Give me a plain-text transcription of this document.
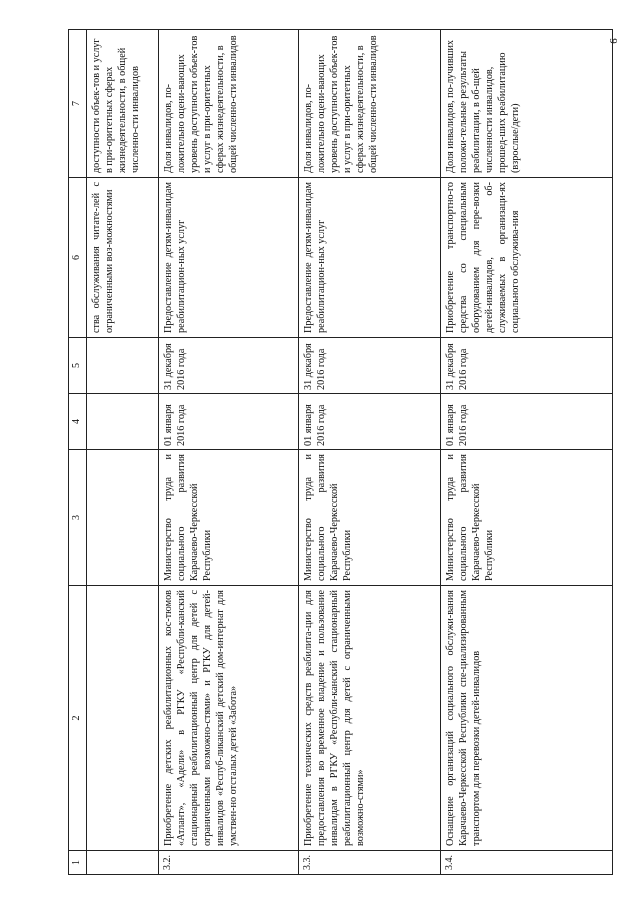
9
1	2	3	4	5	6	7
					ства обслуживания читате-лей с ограниченными воз-можностями	доступности объек-тов и услуг в при-оритетных сферах жизнедеятельности, в общей численно-сти инвалидов
3.2.	Приобретение детских реабилитационных кос-тюмов «Атлант», «Адели» в РГКУ «Республи-канский стационарный реабилитационный центр для детей с ограниченными возможно-стями» и РГКУ для детей-инвалидов «Респуб-ликанский детский дом-интернат для умствен-но отсталых детей «Забота»	Министерство труда и социального развития Карачаево-Черкесской Республики	01 января 2016 года	31 декабря 2016 года	Предоставление детям-инвалидам реабилитацион-ных услуг	Доля инвалидов, по-ложительно оцени-вающих уровень доступности объек-тов и услуг в при-оритетных сферах жизнедеятельности, в общей численно-сти инвалидов
3.3.	Приобретение технических средств реабилита-ции для предоставления во временное владение и пользование инвалидам в РГКУ «Республи-канский стационарный реабилитационный центр для детей с ограниченными возможно-стями»	Министерство труда и социального развития Карачаево-Черкесской Республики	01 января 2016 года	31 декабря 2016 года	Предоставление детям-инвалидам реабилитацион-ных услуг	Доля инвалидов, по-ложительно оцени-вающих уровень доступности объек-тов и услуг в при-оритетных сферах жизнедеятельности, в общей численно-сти инвалидов
3.4.	Оснащение организаций социального обслужи-вания Карачаево-Черкесской Республики спе-циализированным транспортом для перевозки детей-инвалидов	Министерство труда и социального развития Карачаево-Черкесской Республики	01 января 2016 года	31 декабря 2016 года	Приобретение транспортно-го средства со специальным оборудованием для пере-возки детей-инвалидов, об-служиваемых в организаци-ях социального обслужива-ния	Доля инвалидов, по-лучивших положи-тельные результаты реабилитации, в об-щей численности инвалидов, прошед-ших реабилитацию (взрослые/дети)
